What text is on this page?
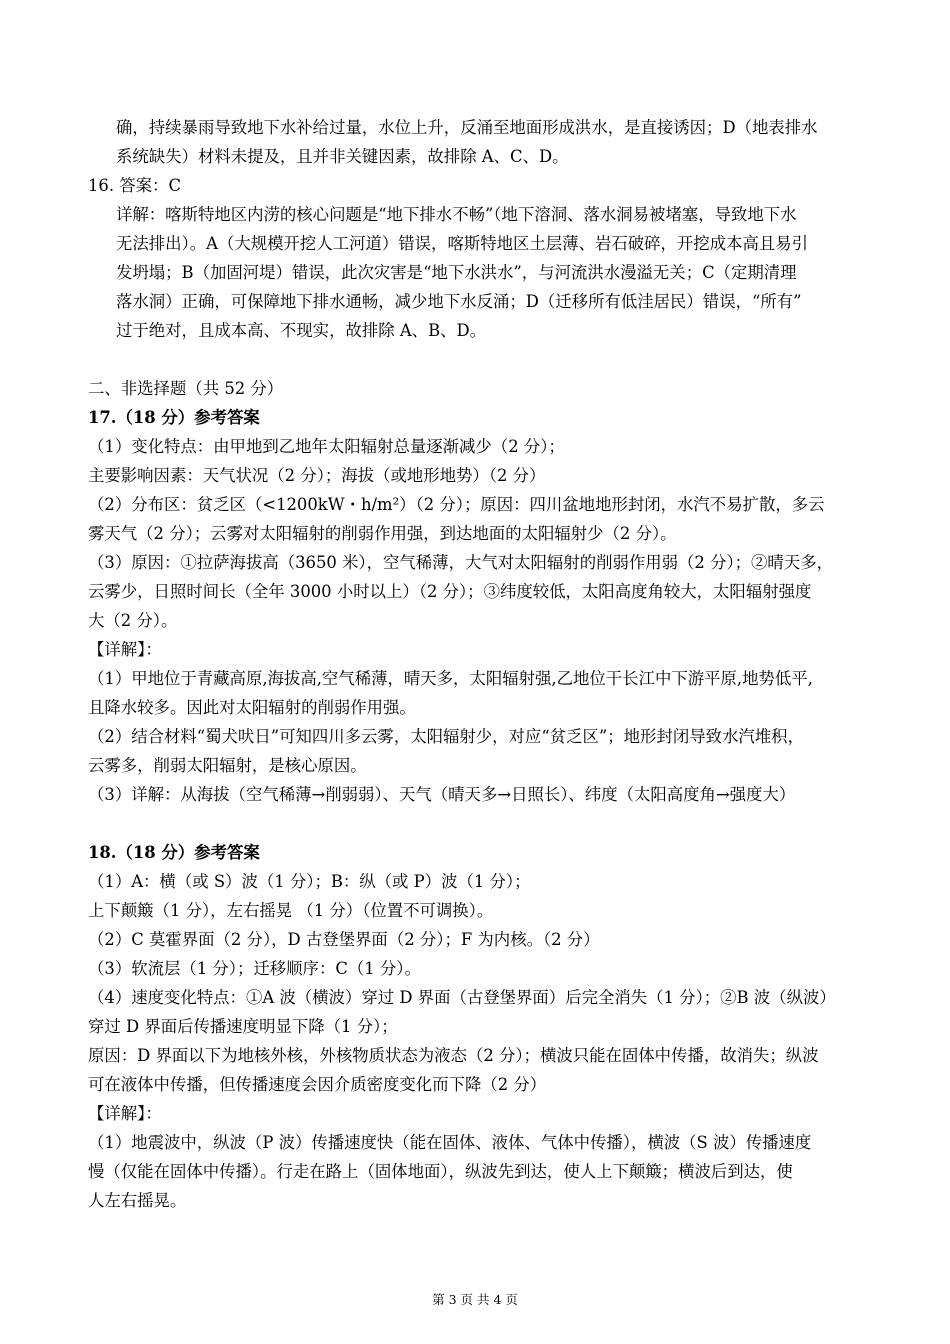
确，持续暴雨导致地下水补给过量，水位上升，反涌至地面形成洪水，是直接诱因；D（地表排水
系统缺失）材料未提及，且并非关键因素，故排除 A、C、D。
16. 答案：C
详解：喀斯特地区内涝的核心问题是“地下排水不畅”（地下溶洞、落水洞易被堵塞，导致地下水
无法排出）。A（大规模开挖人工河道）错误，喀斯特地区土层薄、岩石破碎，开挖成本高且易引
发坍塌；B（加固河堤）错误，此次灾害是“地下水洪水”，与河流洪水漫溢无关；C（定期清理
落水洞）正确，可保障地下排水通畅，减少地下水反涌；D（迁移所有低洼居民）错误，“所有”
过于绝对，且成本高、不现实，故排除 A、B、D。
二、非选择题（共 52 分）
17.（18 分）参考答案
（1）变化特点：由甲地到乙地年太阳辐射总量逐渐减少（2 分）；
主要影响因素：天气状况（2 分）；海拔（或地形地势）（2 分）
（2）分布区：贫乏区（<1200kW・h/m²）（2 分）；原因：四川盆地地形封闭，水汽不易扩散，多云
雾天气（2 分）；云雾对太阳辐射的削弱作用强，到达地面的太阳辐射少（2 分）。
（3）原因：①拉萨海拔高（3650 米），空气稀薄，大气对太阳辐射的削弱作用弱（2 分）；②晴天多，
云雾少，日照时间长（全年 3000 小时以上）（2 分）；③纬度较低，太阳高度角较大，太阳辐射强度
大（2 分）。
【详解】：
（1）甲地位于青藏高原,海拔高,空气稀薄，晴天多，太阳辐射强,乙地位干长江中下游平原,地势低平,
且降水较多。因此对太阳辐射的削弱作用强。
（2）结合材料“蜀犬吠日”可知四川多云雾，太阳辐射少，对应“贫乏区”；地形封闭导致水汽堆积，
云雾多，削弱太阳辐射，是核心原因。
（3）详解：从海拔（空气稀薄→削弱弱）、天气（晴天多→日照长）、纬度（太阳高度角→强度大）
18.（18 分）参考答案
（1）A：横（或 S）波（1 分）；B：纵（或 P）波（1 分）；
上下颠簸（1 分），左右摇晃 （1 分）（位置不可调换）。
（2）C 莫霍界面（2 分），D 古登堡界面（2 分）；F 为内核。（2 分）
（3）软流层（1 分）；迁移顺序：C（1 分）。
（4）速度变化特点：①A 波（横波）穿过 D 界面（古登堡界面）后完全消失（1 分）；②B 波（纵波）
穿过 D 界面后传播速度明显下降（1 分）；
原因：D 界面以下为地核外核，外核物质状态为液态（2 分）；横波只能在固体中传播，故消失；纵波
可在液体中传播，但传播速度会因介质密度变化而下降（2 分）
【详解】：
（1）地震波中，纵波（P 波）传播速度快（能在固体、液体、气体中传播），横波（S 波）传播速度
慢（仅能在固体中传播）。行走在路上（固体地面），纵波先到达，使人上下颠簸；横波后到达，使
人左右摇晃。
第 3 页 共 4 页
